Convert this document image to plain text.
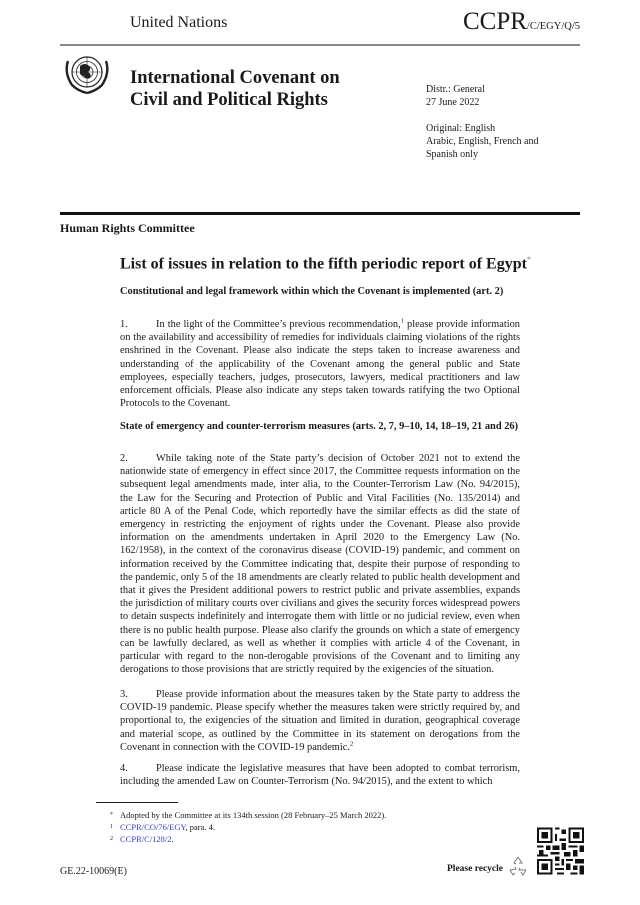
United Nations	CCPR/C/EGY/Q/5
International Covenant on
Civil and Political Rights
Distr.: General
27 June 2022
Original: English
Arabic, English, French and
Spanish only
Human Rights Committee
List of issues in relation to the fifth periodic report of Egypt*
Constitutional and legal framework within which the Covenant is implemented (art. 2)
1.	In the light of the Committee’s previous recommendation,$^1$ please provide information on the availability and accessibility of remedies for individuals claiming violations of the rights enshrined in the Covenant. Please also indicate the steps taken to increase awareness and understanding of the applicability of the Covenant among the general public and State employees, especially teachers, judges, prosecutors, lawyers, medical practitioners and law enforcement officials. Please also indicate any steps taken towards ratifying the two Optional Protocols to the Covenant.
State of emergency and counter-terrorism measures (arts. 2, 7, 9–10, 14, 18–19, 21 and 26)
2.	While taking note of the State party’s decision of October 2021 not to extend the nationwide state of emergency in effect since 2017, the Committee requests information on the subsequent legal amendments made, inter alia, to the Counter-Terrorism Law (No. 94/2015), the Law for the Securing and Protection of Public and Vital Facilities (No. 135/2014) and article 80 A of the Penal Code, which reportedly have the similar effects as did the state of emergency in restricting the enjoyment of rights under the Covenant. Please also provide information on the amendments undertaken in April 2020 to the Emergency Law (No. 162/1958), in the context of the coronavirus disease (COVID-19) pandemic, and comment on information received by the Committee indicating that, despite their purpose of responding to the pandemic, only 5 of the 18 amendments are clearly related to public health development and that it gives the President additional powers to restrict public and private assemblies, expands the jurisdiction of military courts over civilians and gives the security forces widespread powers to detain suspects indefinitely and interrogate them with little or no judicial review, even when there is no public health purpose. Please also clarify the grounds on which a state of emergency can be lawfully declared, as well as whether it complies with article 4 of the Covenant, in particular with regard to the non-derogable provisions of the Covenant and to limiting any derogations to those provisions that are strictly required by the exigencies of the situation.
3.	Please provide information about the measures taken by the State party to address the COVID-19 pandemic. Please specify whether the measures taken were strictly required by, and proportional to, the exigencies of the situation and limited in duration, geographical coverage and material scope, as outlined by the Committee in its statement on derogations from the Covenant in connection with the COVID-19 pandemic.$^2$
4.	Please indicate the legislative measures that have been adopted to combat terrorism, including the amended Law on Counter-Terrorism (No. 94/2015), and the extent to which
* Adopted by the Committee at its 134th session (28 February–25 March 2022).
1 CCPR/CO/76/EGY, para. 4.
2 CCPR/C/128/2.
GE.22-10069(E)	Please recycle
